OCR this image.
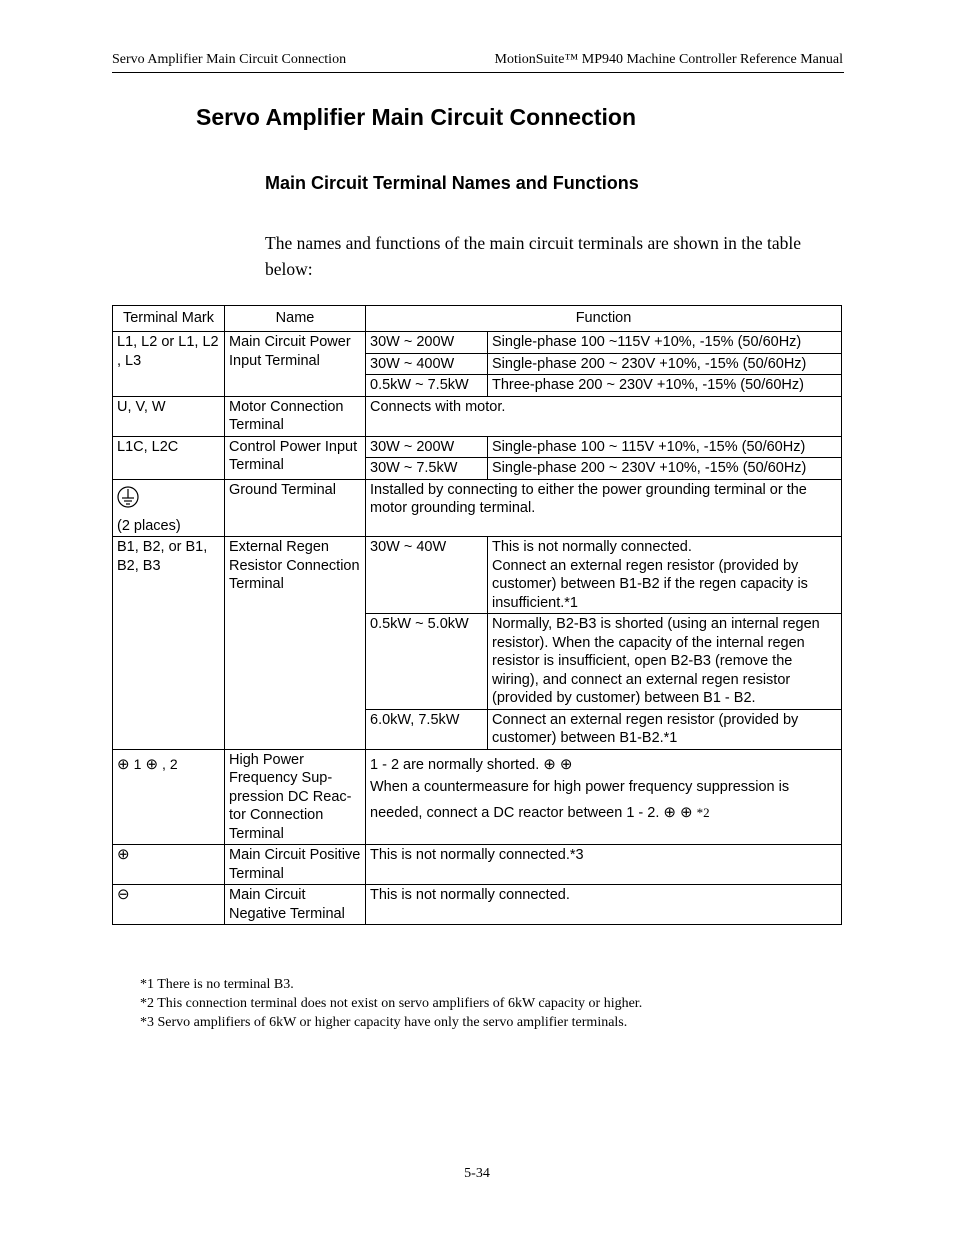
Servo Amplifier Main Circuit Connection	MotionSuite™ MP940 Machine Controller Reference Manual
Servo Amplifier Main Circuit Connection
Main Circuit Terminal Names and Functions

The names and functions of the main circuit terminals are shown in the table below:

Terminal Mark	Name	Function	
L1, L2 or L1, L2 , L3	Main Circuit Power Input Terminal	30W ~ 200W	Single-phase 100 ~115V +10%, -15% (50/60Hz)
		30W ~ 400W	Single-phase 200 ~ 230V +10%, -15% (50/60Hz)
		0.5kW ~ 7.5kW	Three-phase 200 ~ 230V +10%, -15% (50/60Hz)
U, V, W	Motor Connection Terminal	Connects with motor.	
L1C, L2C	Control Power Input Terminal	30W ~ 200W	Single-phase 100 ~ 115V +10%, -15% (50/60Hz)
		30W ~ 7.5kW	Single-phase 200 ~ 230V +10%, -15% (50/60Hz)

(2 places)	Ground Terminal	Installed by connecting to either the power grounding terminal or the motor grounding terminal.	
B1, B2, or B1, B2, B3	External Regen Resistor Connection Terminal	30W ~ 40W	This is not normally connected.
Connect an external regen resistor (provided by customer) between B1-B2 if the regen capacity is insufficient.*1

		0.5kW ~ 5.0kW	Normally, B2-B3 is shorted (using an internal regen resistor). When the capacity of the internal regen resistor is insufficient, open B2-B3 (remove the wiring), and connect an external regen resistor (provided by customer) between B1 - B2.
		6.0kW, 7.5kW	Connect an external regen resistor (provided by customer) between B1-B2.*1
⊕ 1 ⊕ , 2	High Power Frequency Sup-pression DC Reac-tor Connection Terminal	1 - 2 are normally shorted. ⊕ ⊕
When a countermeasure for high power frequency suppression is needed, connect a DC reactor between 1 - 2. ⊕ ⊕ *2	

⊕	Main Circuit Positive Terminal	This is not normally connected.*3	
⊖	Main Circuit Negative Terminal	This is not normally connected.	
*1 There is no terminal B3.
*2 This connection terminal does not exist on servo amplifiers of 6kW capacity or higher.
*3 Servo amplifiers of 6kW or higher capacity have only the servo amplifier terminals.
5-34
